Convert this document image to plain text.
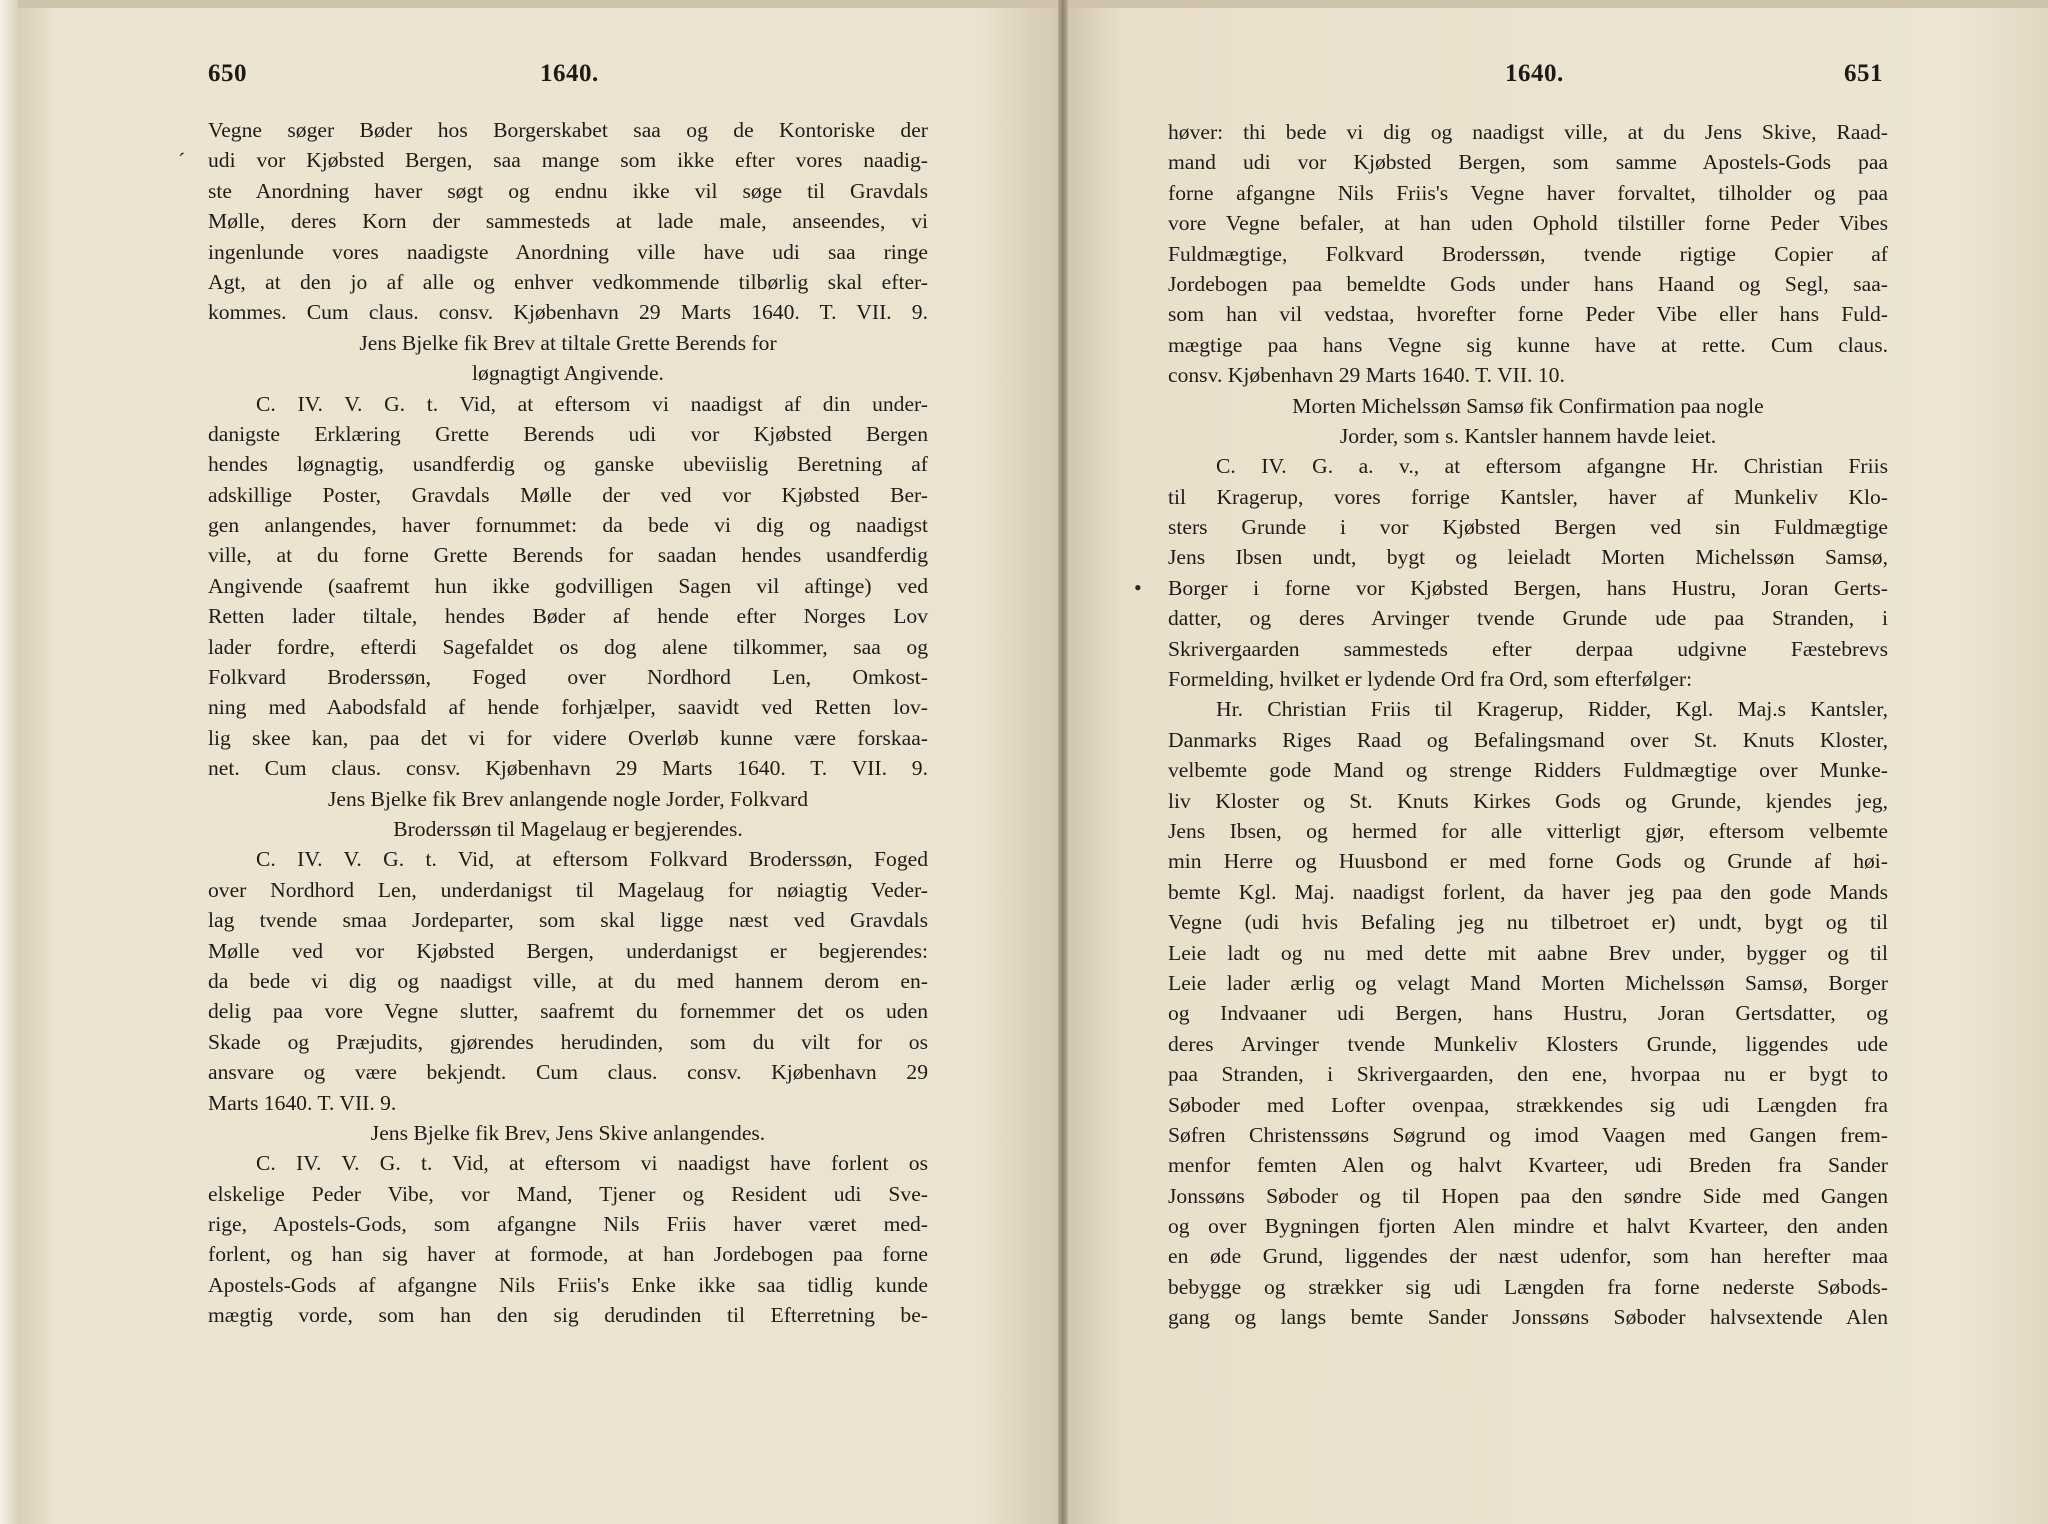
650	1640.	1640.	651
´
•
Vegne søger Bøder hos Borgerskabet saa og de Kontoriske der
udi vor Kjøbsted Bergen, saa mange som ikke efter vores naadig-
ste Anordning haver søgt og endnu ikke vil søge til Gravdals
Mølle, deres Korn der sammesteds at lade male, anseendes, vi
ingenlunde vores naadigste Anordning ville have udi saa ringe
Agt, at den jo af alle og enhver vedkommende tilbørlig skal efter-
kommes. Cum claus. consv. Kjøbenhavn 29 Marts 1640. T. VII. 9.
Jens Bjelke fik Brev at tiltale Grette Berends for
løgnagtigt Angivende.
C. IV. V. G. t. Vid, at eftersom vi naadigst af din under-
danigste Erklæring Grette Berends udi vor Kjøbsted Bergen
hendes løgnagtig, usandferdig og ganske ubeviislig Beretning af
adskillige Poster, Gravdals Mølle der ved vor Kjøbsted Ber-
gen anlangendes, haver fornummet: da bede vi dig og naadigst
ville, at du forne Grette Berends for saadan hendes usandferdig
Angivende (saafremt hun ikke godvilligen Sagen vil aftinge) ved
Retten lader tiltale, hendes Bøder af hende efter Norges Lov
lader fordre, efterdi Sagefaldet os dog alene tilkommer, saa og
Folkvard Broderssøn, Foged over Nordhord Len, Omkost-
ning med Aabodsfald af hende forhjælper, saavidt ved Retten lov-
lig skee kan, paa det vi for videre Overløb kunne være forskaa-
net. Cum claus. consv. Kjøbenhavn 29 Marts 1640. T. VII. 9.
Jens Bjelke fik Brev anlangende nogle Jorder, Folkvard
Broderssøn til Magelaug er begjerendes.
C. IV. V. G. t. Vid, at eftersom Folkvard Broderssøn, Foged
over Nordhord Len, underdanigst til Magelaug for nøiagtig Veder-
lag tvende smaa Jordeparter, som skal ligge næst ved Gravdals
Mølle ved vor Kjøbsted Bergen, underdanigst er begjerendes:
da bede vi dig og naadigst ville, at du med hannem derom en-
delig paa vore Vegne slutter, saafremt du fornemmer det os uden
Skade og Præjudits, gjørendes herudinden, som du vilt for os
ansvare og være bekjendt. Cum claus. consv. Kjøbenhavn 29
Marts 1640. T. VII. 9.
Jens Bjelke fik Brev, Jens Skive anlangendes.
C. IV. V. G. t. Vid, at eftersom vi naadigst have forlent os
elskelige Peder Vibe, vor Mand, Tjener og Resident udi Sve-
rige, Apostels-Gods, som afgangne Nils Friis haver været med-
forlent, og han sig haver at formode, at han Jordebogen paa forne
Apostels-Gods af afgangne Nils Friis's Enke ikke saa tidlig kunde
mægtig vorde, som han den sig derudinden til Efterretning be-
høver: thi bede vi dig og naadigst ville, at du Jens Skive, Raad-
mand udi vor Kjøbsted Bergen, som samme Apostels-Gods paa
forne afgangne Nils Friis's Vegne haver forvaltet, tilholder og paa
vore Vegne befaler, at han uden Ophold tilstiller forne Peder Vibes
Fuldmægtige, Folkvard Broderssøn, tvende rigtige Copier af
Jordebogen paa bemeldte Gods under hans Haand og Segl, saa-
som han vil vedstaa, hvorefter forne Peder Vibe eller hans Fuld-
mægtige paa hans Vegne sig kunne have at rette. Cum claus.
consv. Kjøbenhavn 29 Marts 1640. T. VII. 10.
Morten Michelssøn Samsø fik Confirmation paa nogle
Jorder, som s. Kantsler hannem havde leiet.
C. IV. G. a. v., at eftersom afgangne Hr. Christian Friis
til Kragerup, vores forrige Kantsler, haver af Munkeliv Klo-
sters Grunde i vor Kjøbsted Bergen ved sin Fuldmægtige
Jens Ibsen undt, bygt og leieladt Morten Michelssøn Samsø,
Borger i forne vor Kjøbsted Bergen, hans Hustru, Joran Gerts-
datter, og deres Arvinger tvende Grunde ude paa Stranden, i
Skrivergaarden sammesteds efter derpaa udgivne Fæstebrevs
Formelding, hvilket er lydende Ord fra Ord, som efterfølger:
Hr. Christian Friis til Kragerup, Ridder, Kgl. Maj.s Kantsler,
Danmarks Riges Raad og Befalingsmand over St. Knuts Kloster,
velbemte gode Mand og strenge Ridders Fuldmægtige over Munke-
liv Kloster og St. Knuts Kirkes Gods og Grunde, kjendes jeg,
Jens Ibsen, og hermed for alle vitterligt gjør, eftersom velbemte
min Herre og Huusbond er med forne Gods og Grunde af høi-
bemte Kgl. Maj. naadigst forlent, da haver jeg paa den gode Mands
Vegne (udi hvis Befaling jeg nu tilbetroet er) undt, bygt og til
Leie ladt og nu med dette mit aabne Brev under, bygger og til
Leie lader ærlig og velagt Mand Morten Michelssøn Samsø, Borger
og Indvaaner udi Bergen, hans Hustru, Joran Gertsdatter, og
deres Arvinger tvende Munkeliv Klosters Grunde, liggendes ude
paa Stranden, i Skrivergaarden, den ene, hvorpaa nu er bygt to
Søboder med Lofter ovenpaa, strækkendes sig udi Længden fra
Søfren Christenssøns Søgrund og imod Vaagen med Gangen frem-
menfor femten Alen og halvt Kvarteer, udi Breden fra Sander
Jonssøns Søboder og til Hopen paa den søndre Side med Gangen
og over Bygningen fjorten Alen mindre et halvt Kvarteer, den anden
en øde Grund, liggendes der næst udenfor, som han herefter maa
bebygge og strækker sig udi Længden fra forne nederste Søbods-
gang og langs bemte Sander Jonssøns Søboder halvsextende Alen
